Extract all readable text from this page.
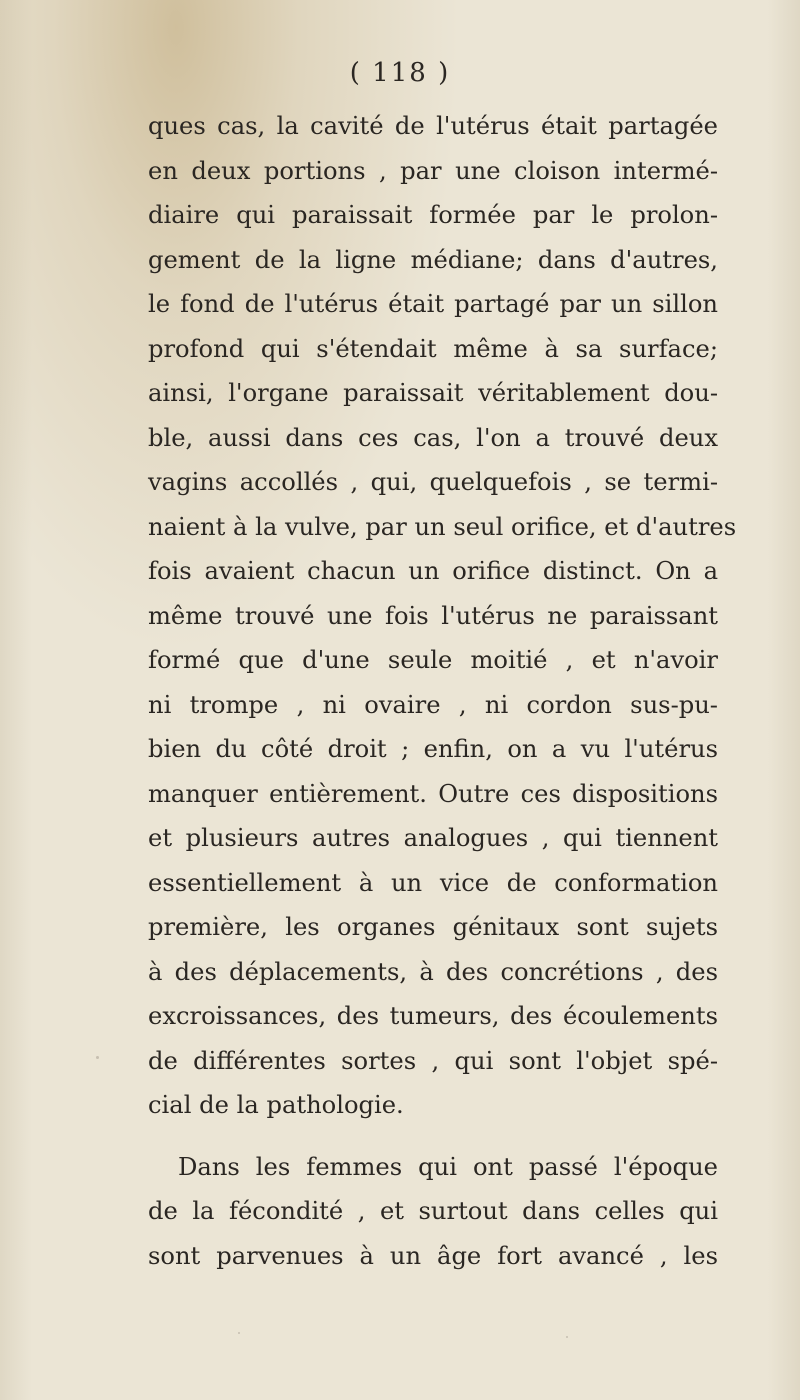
( 118 )
ques cas, la cavité de l'utérus était partagée
en deux portions , par une cloison intermé-
diaire qui paraissait formée par le prolon-
gement de la ligne médiane; dans d'autres,
le fond de l'utérus était partagé par un sillon
profond qui s'étendait même à sa surface;
ainsi, l'organe paraissait véritablement dou-
ble, aussi dans ces cas, l'on a trouvé deux
vagins accollés , qui, quelquefois , se termi-
naient à la vulve, par un seul orifice, et d'autres
fois avaient chacun un orifice distinct. On a
même trouvé une fois l'utérus ne paraissant
formé que d'une seule moitié , et n'avoir
ni trompe , ni ovaire , ni cordon sus-pu-
bien du côté droit ; enfin, on a vu l'utérus
manquer entièrement. Outre ces dispositions
et plusieurs autres analogues , qui tiennent
essentiellement à un vice de conformation
première, les organes génitaux sont sujets
à des déplacements, à des concrétions , des
excroissances, des tumeurs, des écoulements
de différentes sortes , qui sont l'objet spé-
cial de la pathologie.
Dans les femmes qui ont passé l'époque
de la fécondité , et surtout dans celles qui
sont parvenues à un âge fort avancé , les
